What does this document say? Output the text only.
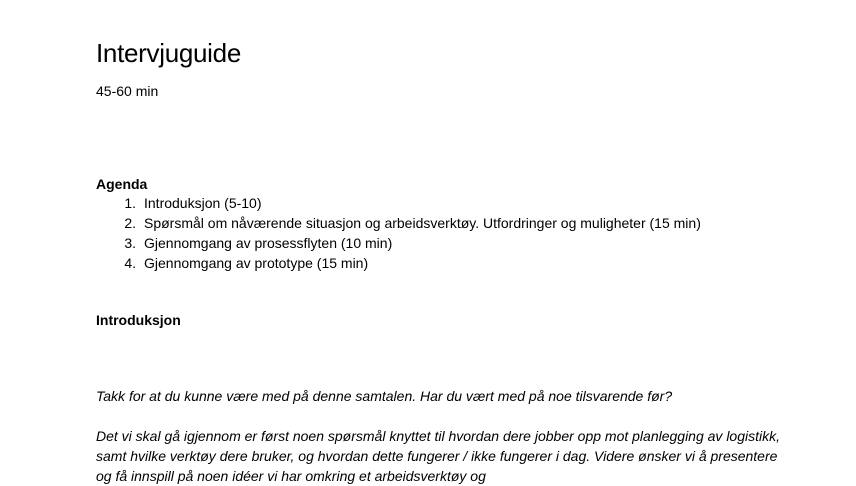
Intervjuguide
45-60 min
Agenda
1. Introduksjon (5-10)
2. Spørsmål om nåværende situasjon og arbeidsverktøy. Utfordringer og muligheter (15 min)
3. Gjennomgang av prosessflyten (10 min)
4. Gjennomgang av prototype (15 min)
Introduksjon

Takk for at du kunne være med på denne samtalen. Har du vært med på noe tilsvarende før?

Det vi skal gå igjennom er først noen spørsmål knyttet til hvordan dere jobber opp mot planlegging av logistikk, samt hvilke verktøy dere bruker, og hvordan dette fungerer / ikke fungerer i dag. Videre ønsker vi å presentere og få innspill på noen idéer vi har omkring et arbeidsverktøy og
